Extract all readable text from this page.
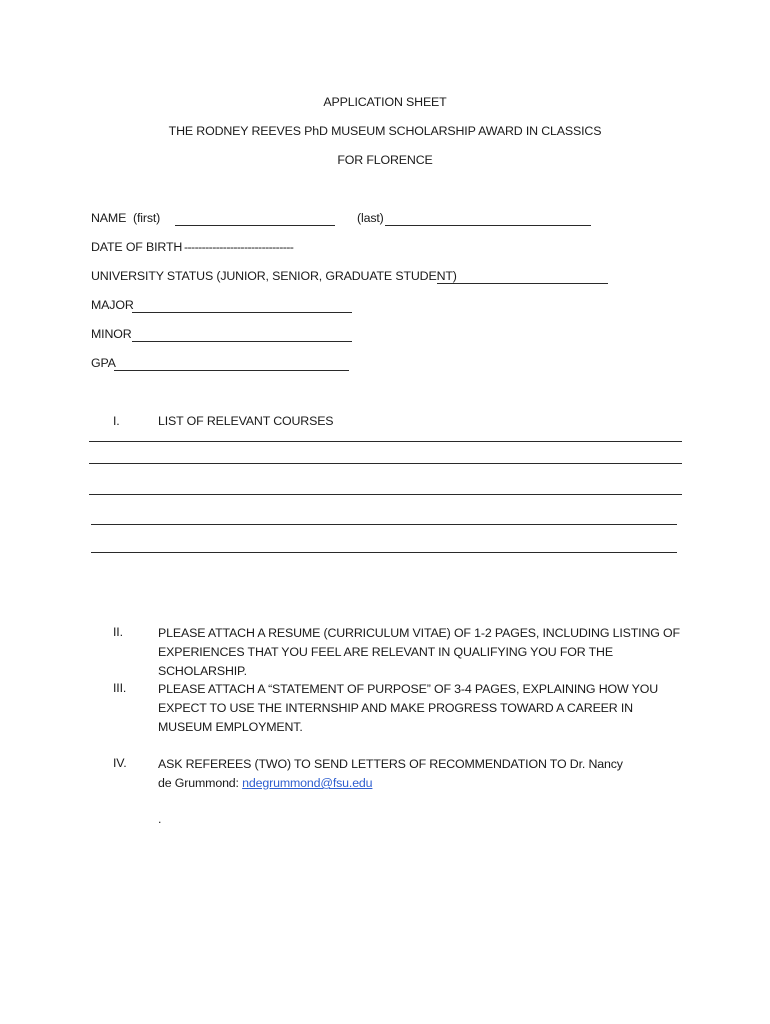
APPLICATION SHEET
THE RODNEY REEVES PhD MUSEUM SCHOLARSHIP AWARD IN CLASSICS
FOR FLORENCE
NAME (first)	(last)
DATE OF BIRTH -------------------------------
UNIVERSITY STATUS (JUNIOR, SENIOR, GRADUATE STUDENT)
MAJOR
MINOR
GPA
I.	LIST OF RELEVANT COURSES
II.	PLEASE ATTACH A RESUME (CURRICULUM VITAE) OF 1-2 PAGES, INCLUDING LISTING OF EXPERIENCES THAT YOU FEEL ARE RELEVANT IN QUALIFYING YOU FOR THE SCHOLARSHIP.
III.	PLEASE ATTACH A “STATEMENT OF PURPOSE” OF 3-4 PAGES, EXPLAINING HOW YOU EXPECT TO USE THE INTERNSHIP AND MAKE PROGRESS TOWARD A CAREER IN MUSEUM EMPLOYMENT.
IV.	ASK REFEREES (TWO) TO SEND LETTERS OF RECOMMENDATION TO Dr. Nancy de Grummond: ndegrummond@fsu.edu
.
